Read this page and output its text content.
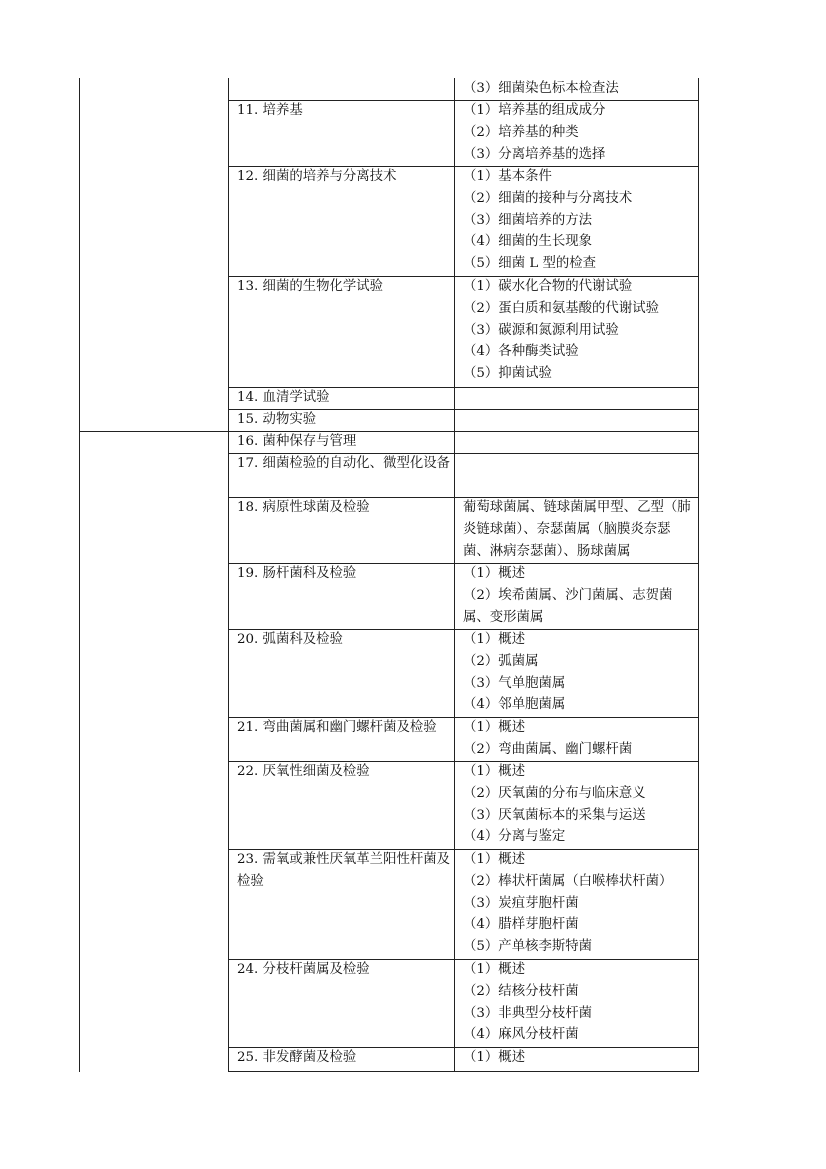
（3）细菌染色标本检查法
11. 培养基	（1）培养基的组成成分
（2）培养基的种类
（3）分离培养基的选择
12. 细菌的培养与分离技术	（1）基本条件
（2）细菌的接种与分离技术
（3）细菌培养的方法
（4）细菌的生长现象
（5）细菌 L 型的检查
13. 细菌的生物化学试验	（1）碳水化合物的代谢试验
（2）蛋白质和氨基酸的代谢试验
（3）碳源和氮源利用试验
（4）各种酶类试验
（5）抑菌试验
14. 血清学试验
15. 动物实验
16. 菌种保存与管理
17. 细菌检验的自动化、微型化设备
18. 病原性球菌及检验	葡萄球菌属、链球菌属甲型、乙型（肺炎链球菌）、奈瑟菌属（脑膜炎奈瑟菌、淋病奈瑟菌）、肠球菌属
19. 肠杆菌科及检验	（1）概述
（2）埃希菌属、沙门菌属、志贺菌属、变形菌属
20. 弧菌科及检验	（1）概述
（2）弧菌属
（3）气单胞菌属
（4）邻单胞菌属
21. 弯曲菌属和幽门螺杆菌及检验	（1）概述
（2）弯曲菌属、幽门螺杆菌
22. 厌氧性细菌及检验	（1）概述
（2）厌氧菌的分布与临床意义
（3）厌氧菌标本的采集与运送
（4）分离与鉴定
23. 需氧或兼性厌氧革兰阳性杆菌及检验
（1）概述
（2）棒状杆菌属（白喉棒状杆菌）
（3）炭疽芽胞杆菌
（4）腊样芽胞杆菌
（5）产单核李斯特菌
24. 分枝杆菌属及检验	（1）概述
（2）结核分枝杆菌
（3）非典型分枝杆菌
（4）麻风分枝杆菌
25. 非发酵菌及检验	（1）概述
